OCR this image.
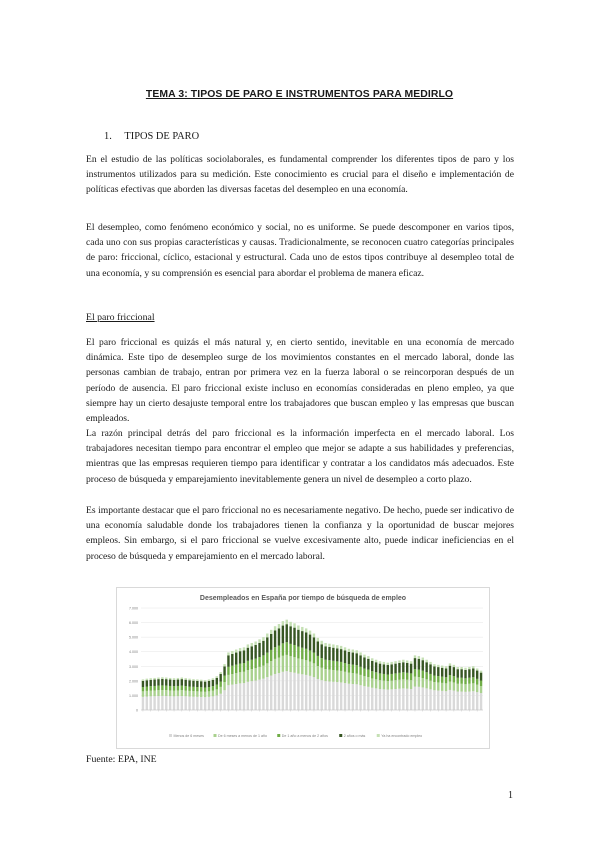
TEMA 3: TIPOS DE PARO E INSTRUMENTOS PARA MEDIRLO
1. TIPOS DE PARO

En el estudio de las políticas sociolaborales, es fundamental comprender los diferentes tipos de paro y los instrumentos utilizados para su medición. Este conocimiento es crucial para el diseño e implementación de políticas efectivas que aborden las diversas facetas del desempleo en una economía.

El desempleo, como fenómeno económico y social, no es uniforme. Se puede descomponer en varios tipos, cada uno con sus propias características y causas. Tradicionalmente, se reconocen cuatro categorías principales de paro: friccional, cíclico, estacional y estructural. Cada uno de estos tipos contribuye al desempleo total de una economía, y su comprensión es esencial para abordar el problema de manera eficaz.

El paro friccional

El paro friccional es quizás el más natural y, en cierto sentido, inevitable en una economía de mercado dinámica. Este tipo de desempleo surge de los movimientos constantes en el mercado laboral, donde las personas cambian de trabajo, entran por primera vez en la fuerza laboral o se reincorporan después de un período de ausencia. El paro friccional existe incluso en economías consideradas en pleno empleo, ya que siempre hay un cierto desajuste temporal entre los trabajadores que buscan empleo y las empresas que buscan empleados.

La razón principal detrás del paro friccional es la información imperfecta en el mercado laboral. Los trabajadores necesitan tiempo para encontrar el empleo que mejor se adapte a sus habilidades y preferencias, mientras que las empresas requieren tiempo para identificar y contratar a los candidatos más adecuados. Este proceso de búsqueda y emparejamiento inevitablemente genera un nivel de desempleo a corto plazo.

Es importante destacar que el paro friccional no es necesariamente negativo. De hecho, puede ser indicativo de una economía saludable donde los trabajadores tienen la confianza y la oportunidad de buscar mejores empleos. Sin embargo, si el paro friccional se vuelve excesivamente alto, puede indicar ineficiencias en el proceso de búsqueda y emparejamiento en el mercado laboral.

Desempleados en España por tiempo de búsqueda de empleo
0
1.000
2.000
3.000
4.000
5.000
6.000
7.000
Menos de 6 meses	De 6 meses a menos de 1 año	De 1 año a menos de 2 años	2 años o más	Ya ha encontrado empleo
Fuente: EPA, INE
1
